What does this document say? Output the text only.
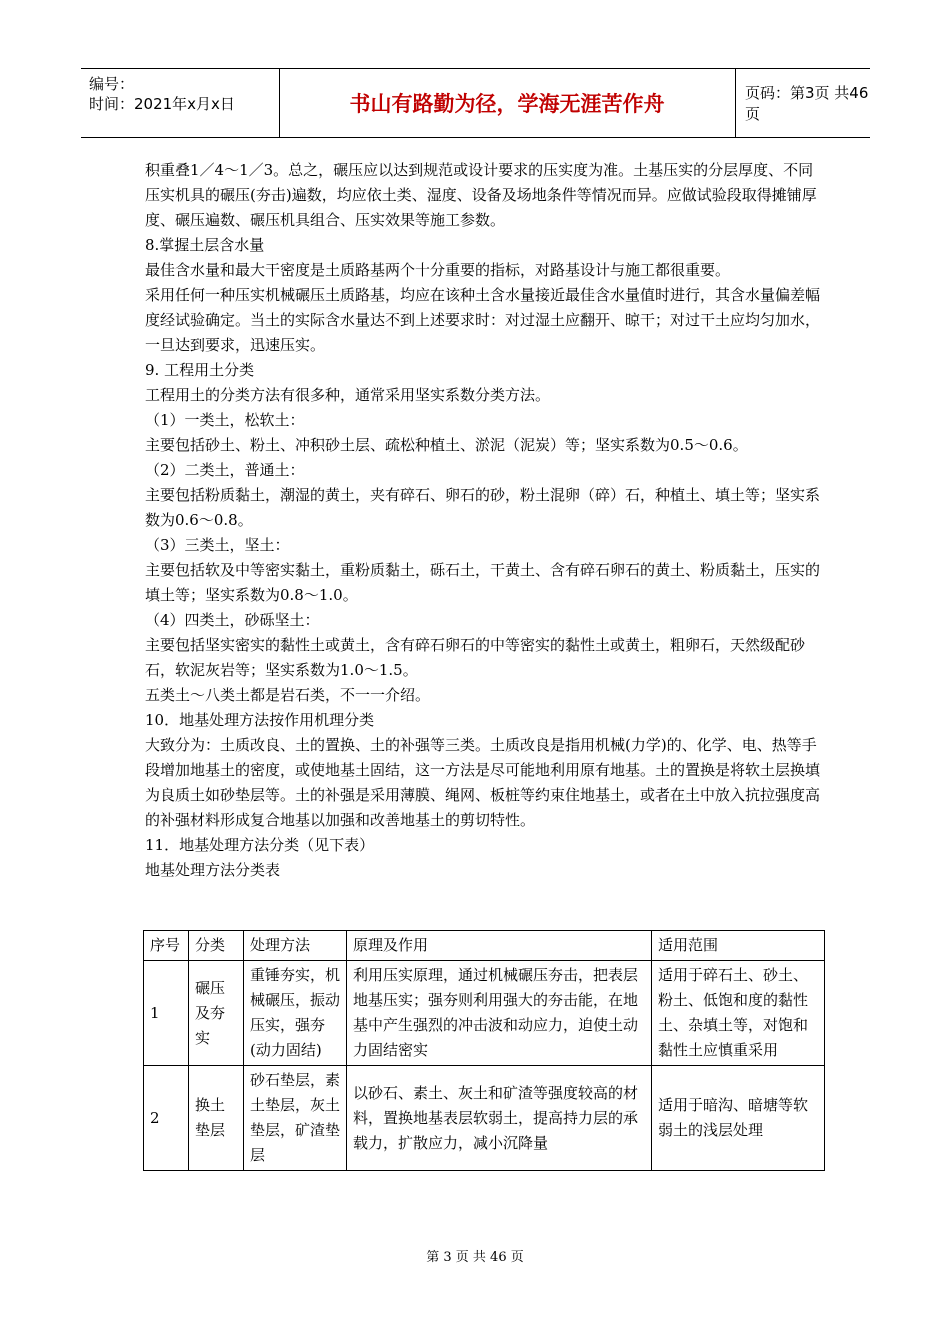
编号：
时间：2021年x月x日	书山有路勤为径，学海无涯苦作舟	页码：第3页 共46页

积重叠1／4～1／3。总之，碾压应以达到规范或设计要求的压实度为准。土基压实的分层厚度、不同压实机具的碾压(夯击)遍数，均应依土类、湿度、设备及场地条件等情况而异。应做试验段取得摊铺厚度、碾压遍数、碾压机具组合、压实效果等施工参数。

8.掌握土层含水量

最佳含水量和最大干密度是土质路基两个十分重要的指标，对路基设计与施工都很重要。

采用任何一种压实机械碾压土质路基，均应在该种土含水量接近最佳含水量值时进行，其含水量偏差幅度经试验确定。当土的实际含水量达不到上述要求时：对过湿土应翻开、晾干；对过干土应均匀加水，一旦达到要求，迅速压实。

9. 工程用土分类

工程用土的分类方法有很多种，通常采用坚实系数分类方法。

（1）一类土，松软土：

主要包括砂土、粉土、冲积砂土层、疏松种植土、淤泥（泥炭）等；坚实系数为0.5～0.6。

（2）二类土，普通土：

主要包括粉质黏土，潮湿的黄土，夹有碎石、卵石的砂，粉土混卵（碎）石，种植土、填土等；坚实系数为0.6～0.8。

（3）三类土，坚土：

主要包括软及中等密实黏土，重粉质黏土，砾石土，干黄土、含有碎石卵石的黄土、粉质黏土，压实的填土等；坚实系数为0.8～1.0。

（4）四类土，砂砾坚土：

主要包括坚实密实的黏性土或黄土，含有碎石卵石的中等密实的黏性土或黄土，粗卵石，天然级配砂石，软泥灰岩等；坚实系数为1.0～1.5。

五类土～八类土都是岩石类，不一一介绍。

10．地基处理方法按作用机理分类

大致分为：土质改良、土的置换、土的补强等三类。土质改良是指用机械(力学)的、化学、电、热等手段增加地基土的密度，或使地基土固结，这一方法是尽可能地利用原有地基。土的置换是将软土层换填为良质土如砂垫层等。土的补强是采用薄膜、绳网、板桩等约束住地基土，或者在土中放入抗拉强度高的补强材料形成复合地基以加强和改善地基土的剪切特性。

11．地基处理方法分类（见下表）

地基处理方法分类表

序号	分类	处理方法	原理及作用	适用范围
1	碾压及夯实	重锤夯实，机械碾压，振动压实，强夯(动力固结)	利用压实原理，通过机械碾压夯击，把表层地基压实；强夯则利用强大的夯击能，在地基中产生强烈的冲击波和动应力，迫使土动力固结密实	适用于碎石土、砂土、粉土、低饱和度的黏性土、杂填土等，对饱和黏性土应慎重采用
2	换土垫层	砂石垫层，素土垫层，灰土垫层，矿渣垫层	以砂石、素土、灰土和矿渣等强度较高的材料，置换地基表层软弱土，提高持力层的承载力，扩散应力，减小沉降量	适用于暗沟、暗塘等软弱土的浅层处理
第 3 页 共 46 页
